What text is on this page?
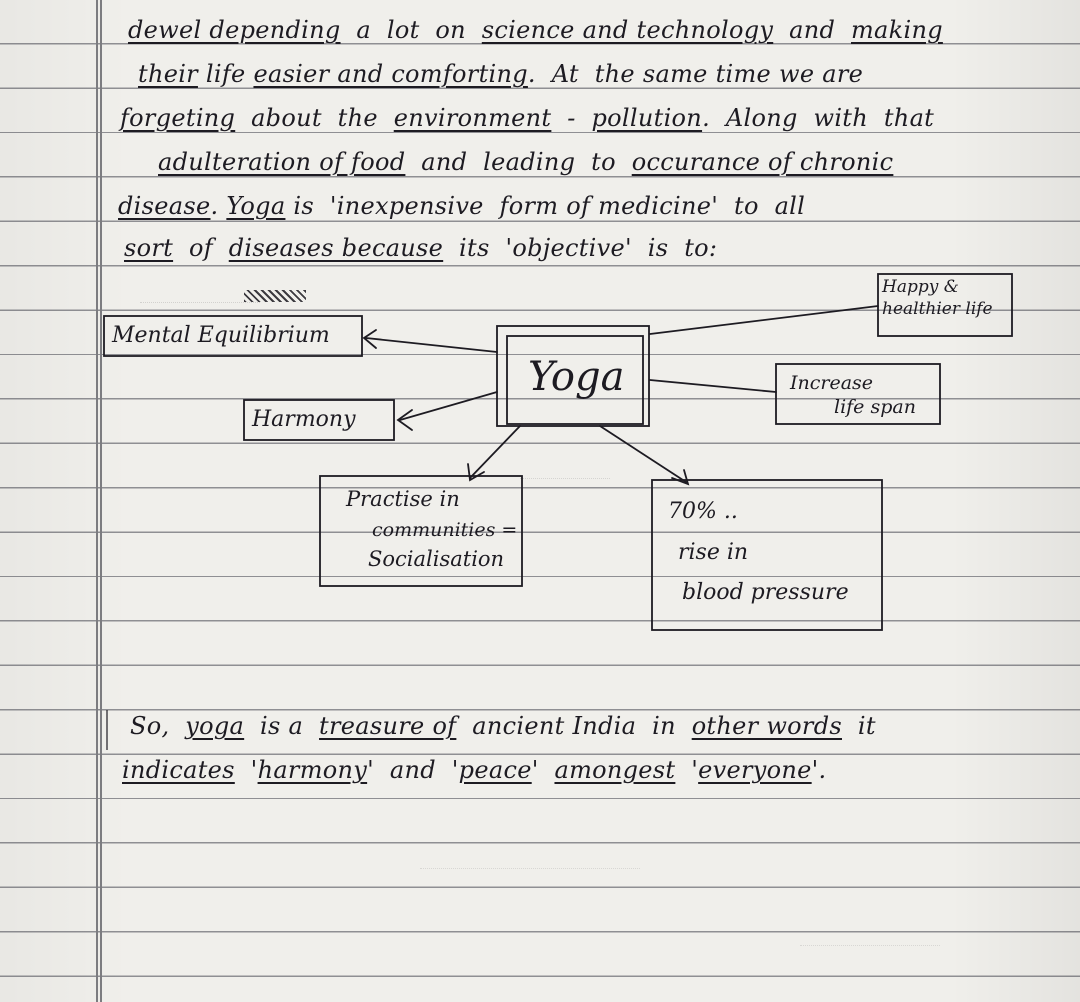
dewel depending  a  lot  on  science and technology  and  making
their life easier and comforting.  At  the same time we are
forgeting  about  the  environment  -  pollution.  Along  with  that
adulteration of food  and  leading  to  occurance of chronic
disease. Yoga is  'inexpensive  form of medicine'  to  all
sort  of  diseases because  its  'objective'  is  to:
Mental Equilibrium
Harmony
Yoga
Happy &
healthier life
Increase
life span
Practise in
communities =
Socialisation
70% ..
rise in
blood pressure
So,  yoga  is a  treasure of  ancient India  in  other words  it
indicates  'harmony'  and  'peace'  amongest  'everyone'.
